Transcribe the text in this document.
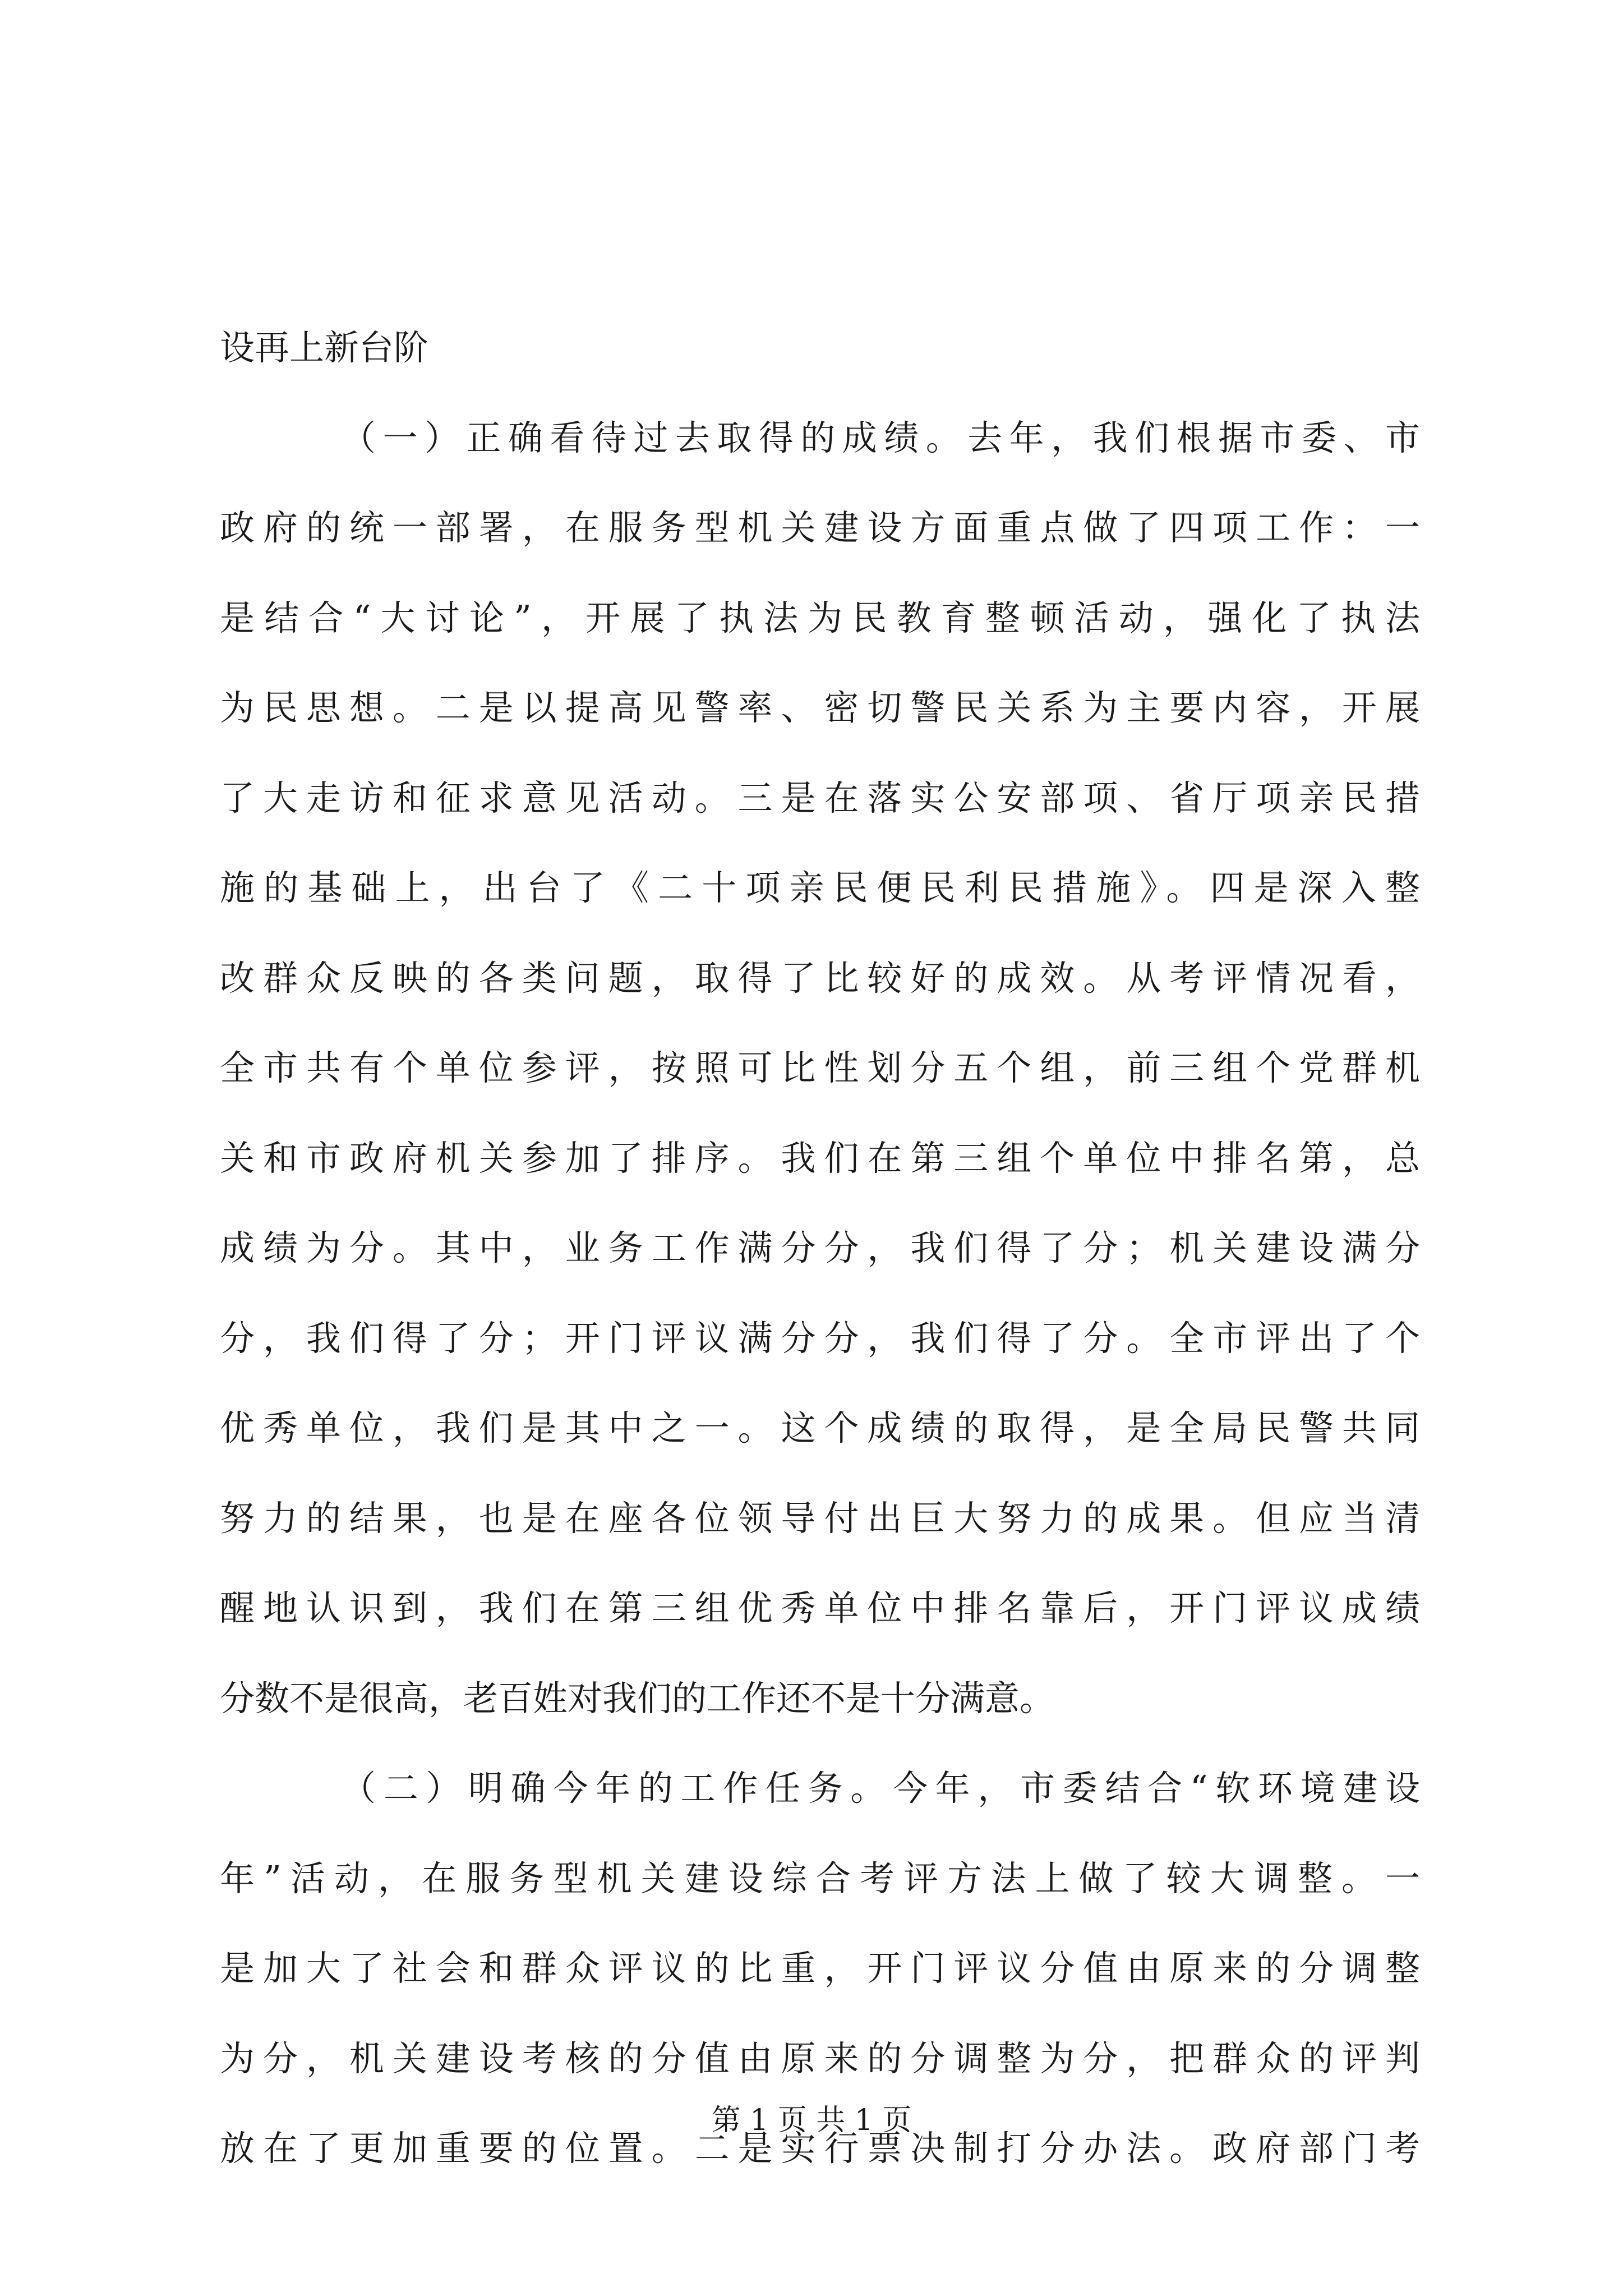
设再上新台阶
（一）正确看待过去取得的成绩。去年，我们根据市委、市
政府的统一部署，在服务型机关建设方面重点做了四项工作：一
是结合“大讨论”，开展了执法为民教育整顿活动，强化了执法
为民思想。二是以提高见警率、密切警民关系为主要内容，开展
了大走访和征求意见活动。三是在落实公安部项、省厅项亲民措
施的基础上，出台了《二十项亲民便民利民措施》。四是深入整
改群众反映的各类问题，取得了比较好的成效。从考评情况看，
全市共有个单位参评，按照可比性划分五个组，前三组个党群机
关和市政府机关参加了排序。我们在第三组个单位中排名第，总
成绩为分。其中，业务工作满分分，我们得了分；机关建设满分
分，我们得了分；开门评议满分分，我们得了分。全市评出了个
优秀单位，我们是其中之一。这个成绩的取得，是全局民警共同
努力的结果，也是在座各位领导付出巨大努力的成果。但应当清
醒地认识到，我们在第三组优秀单位中排名靠后，开门评议成绩
分数不是很高，老百姓对我们的工作还不是十分满意。
（二）明确今年的工作任务。今年，市委结合“软环境建设
年”活动，在服务型机关建设综合考评方法上做了较大调整。一
是加大了社会和群众评议的比重，开门评议分值由原来的分调整
为分，机关建设考核的分值由原来的分调整为分，把群众的评判
放在了更加重要的位置。二是实行票决制打分办法。政府部门考
第 1 页 共 1 页
